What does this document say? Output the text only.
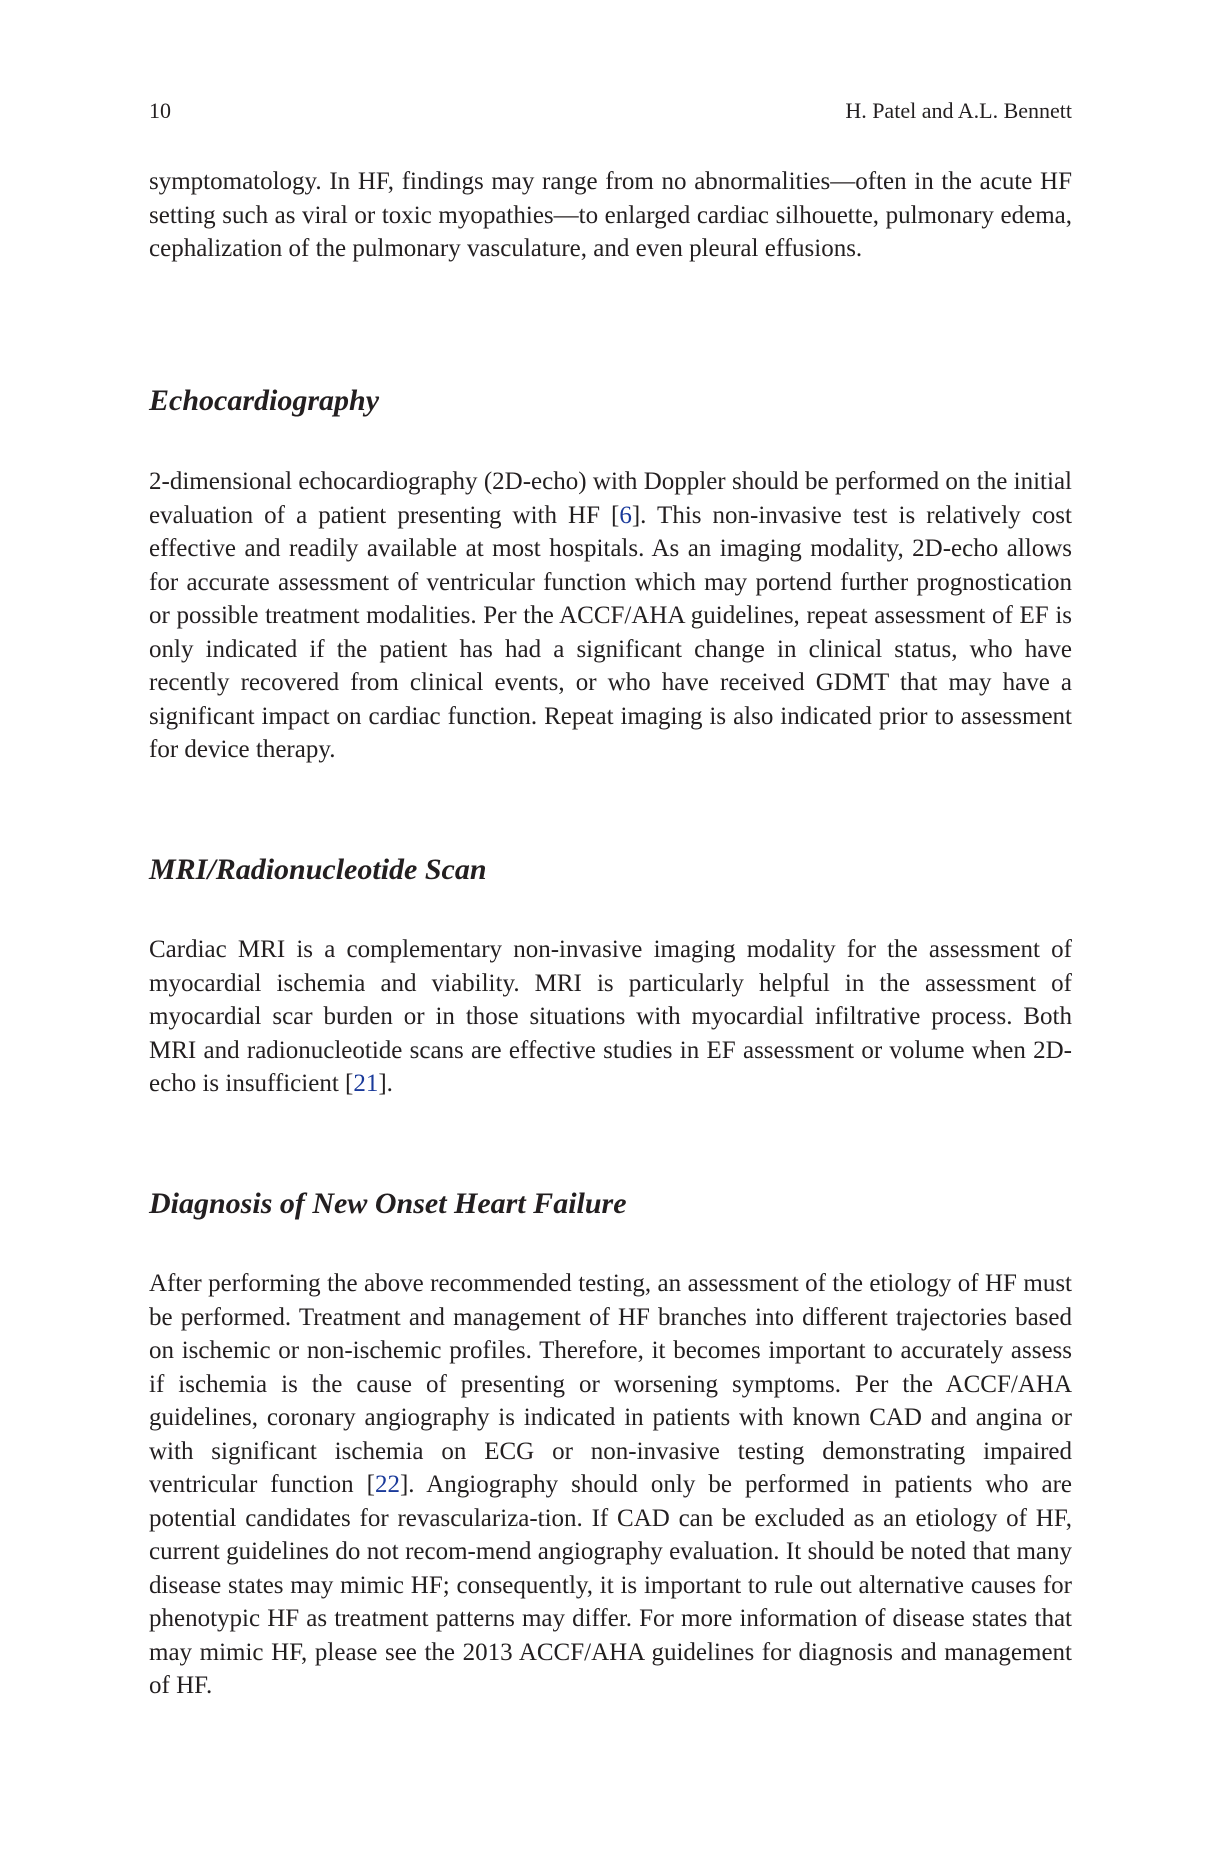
10	H. Patel and A.L. Bennett

symptomatology. In HF, findings may range from no abnormalities—often in the acute HF setting such as viral or toxic myopathies—to enlarged cardiac silhouette, pulmonary edema, cephalization of the pulmonary vasculature, and even pleural effusions.

Echocardiography

2-dimensional echocardiography (2D-echo) with Doppler should be performed on the initial evaluation of a patient presenting with HF [6]. This non-invasive test is relatively cost effective and readily available at most hospitals. As an imaging modality, 2D-echo allows for accurate assessment of ventricular function which may portend further prognostication or possible treatment modalities. Per the ACCF/AHA guidelines, repeat assessment of EF is only indicated if the patient has had a significant change in clinical status, who have recently recovered from clinical events, or who have received GDMT that may have a significant impact on cardiac function. Repeat imaging is also indicated prior to assessment for device therapy.

MRI/Radionucleotide Scan

Cardiac MRI is a complementary non-invasive imaging modality for the assessment of myocardial ischemia and viability. MRI is particularly helpful in the assessment of myocardial scar burden or in those situations with myocardial infiltrative process. Both MRI and radionucleotide scans are effective studies in EF assessment or volume when 2D-echo is insufficient [21].

Diagnosis of New Onset Heart Failure

After performing the above recommended testing, an assessment of the etiology of HF must be performed. Treatment and management of HF branches into different trajectories based on ischemic or non-ischemic profiles. Therefore, it becomes important to accurately assess if ischemia is the cause of presenting or worsening symptoms. Per the ACCF/AHA guidelines, coronary angiography is indicated in patients with known CAD and angina or with significant ischemia on ECG or non-invasive testing demonstrating impaired ventricular function [22]. Angiography should only be performed in patients who are potential candidates for revasculariza-tion. If CAD can be excluded as an etiology of HF, current guidelines do not recom-mend angiography evaluation. It should be noted that many disease states may mimic HF; consequently, it is important to rule out alternative causes for phenotypic HF as treatment patterns may differ. For more information of disease states that may mimic HF, please see the 2013 ACCF/AHA guidelines for diagnosis and management of HF.
